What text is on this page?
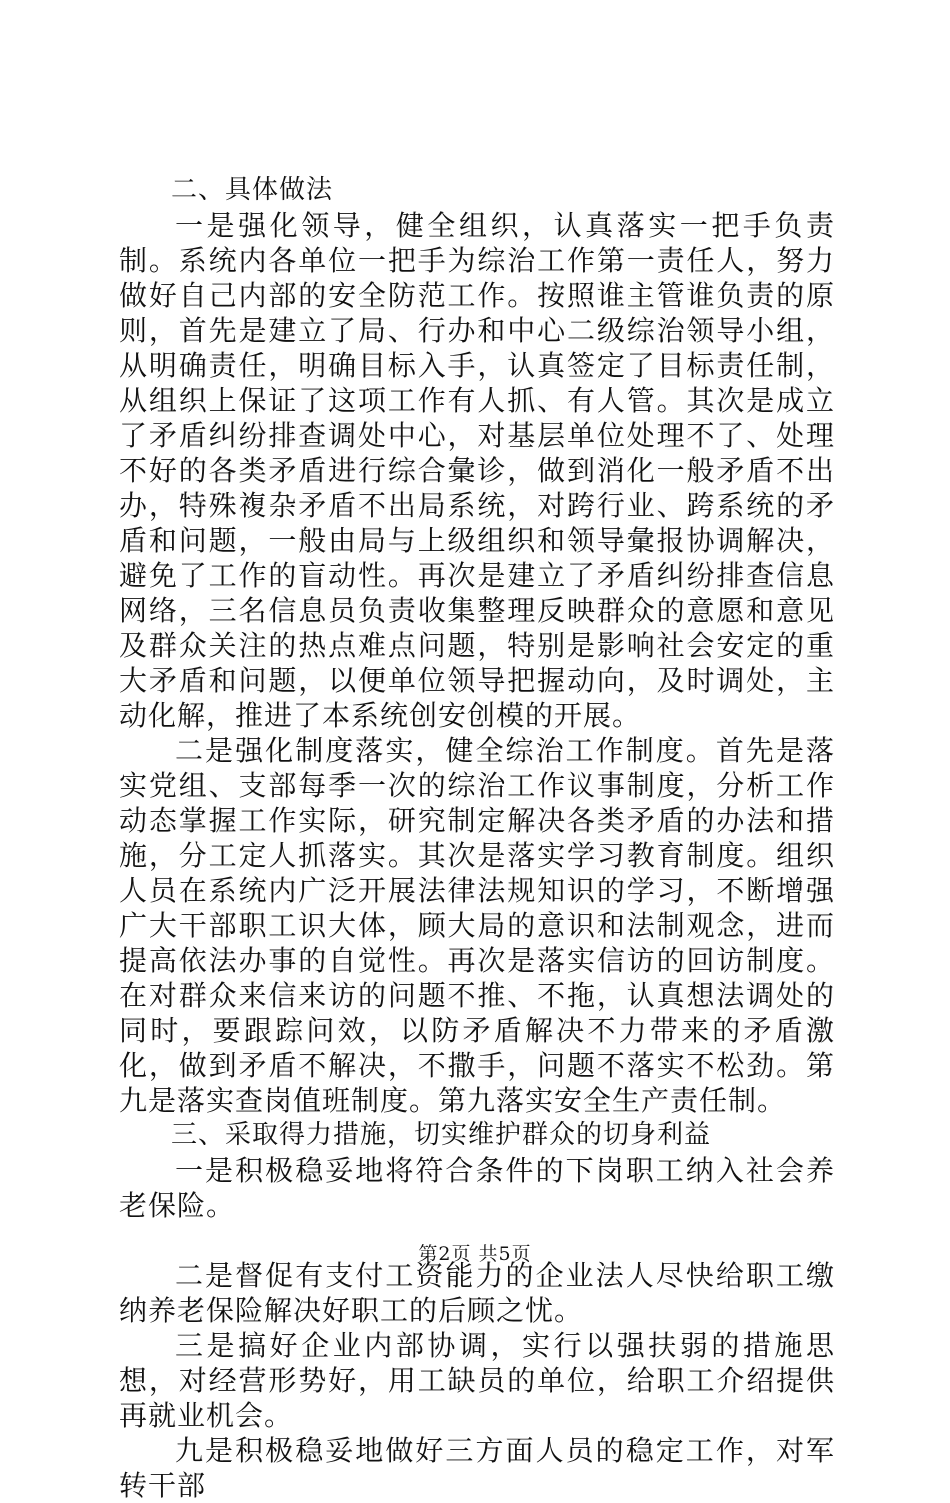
二、具体做法

一是强化领导，健全组织，认真落实一把手负责制。系统内各单位一把手为综治工作第一责任人，努力做好自己内部的安全防范工作。按照谁主管谁负责的原则，首先是建立了局、行办和中心二级综治领导小组，从明确责任，明确目标入手，认真签定了目标责任制，从组织上保证了这项工作有人抓、有人管。其次是成立了矛盾纠纷排查调处中心，对基层单位处理不了、处理不好的各类矛盾进行综合彙诊，做到消化一般矛盾不出办，特殊複杂矛盾不出局系统，对跨行业、跨系统的矛盾和问题，一般由局与上级组织和领导彙报协调解决，避免了工作的盲动性。再次是建立了矛盾纠纷排查信息网络，三名信息员负责收集整理反映群众的意愿和意见及群众关注的热点难点问题，特别是影响社会安定的重大矛盾和问题，以便单位领导把握动向，及时调处，主动化解，推进了本系统创安创模的开展。

二是强化制度落实，健全综治工作制度。首先是落实党组、支部每季一次的综治工作议事制度，分析工作动态掌握工作实际，研究制定解决各类矛盾的办法和措施，分工定人抓落实。其次是落实学习教育制度。组织人员在系统内广泛开展法律法规知识的学习，不断增强广大干部职工识大体，顾大局的意识和法制观念，进而提高依法办事的自觉性。再次是落实信访的回访制度。在对群众来信来访的问题不推、不拖，认真想法调处的同时，要跟踪问效，以防矛盾解决不力带来的矛盾激化，做到矛盾不解决，不撒手，问题不落实不松劲。第九是落实查岗值班制度。第九落实安全生产责任制。

三、采取得力措施，切实维护群众的切身利益

一是积极稳妥地将符合条件的下岗职工纳入社会养老保险。

二是督促有支付工资能力的企业法人尽快给职工缴纳养老保险解决好职工的后顾之忧。

三是搞好企业内部协调，实行以强扶弱的措施思想，对经营形势好，用工缺员的单位，给职工介绍提供再就业机会。

九是积极稳妥地做好三方面人员的稳定工作，对军转干部

第2页 共5页
